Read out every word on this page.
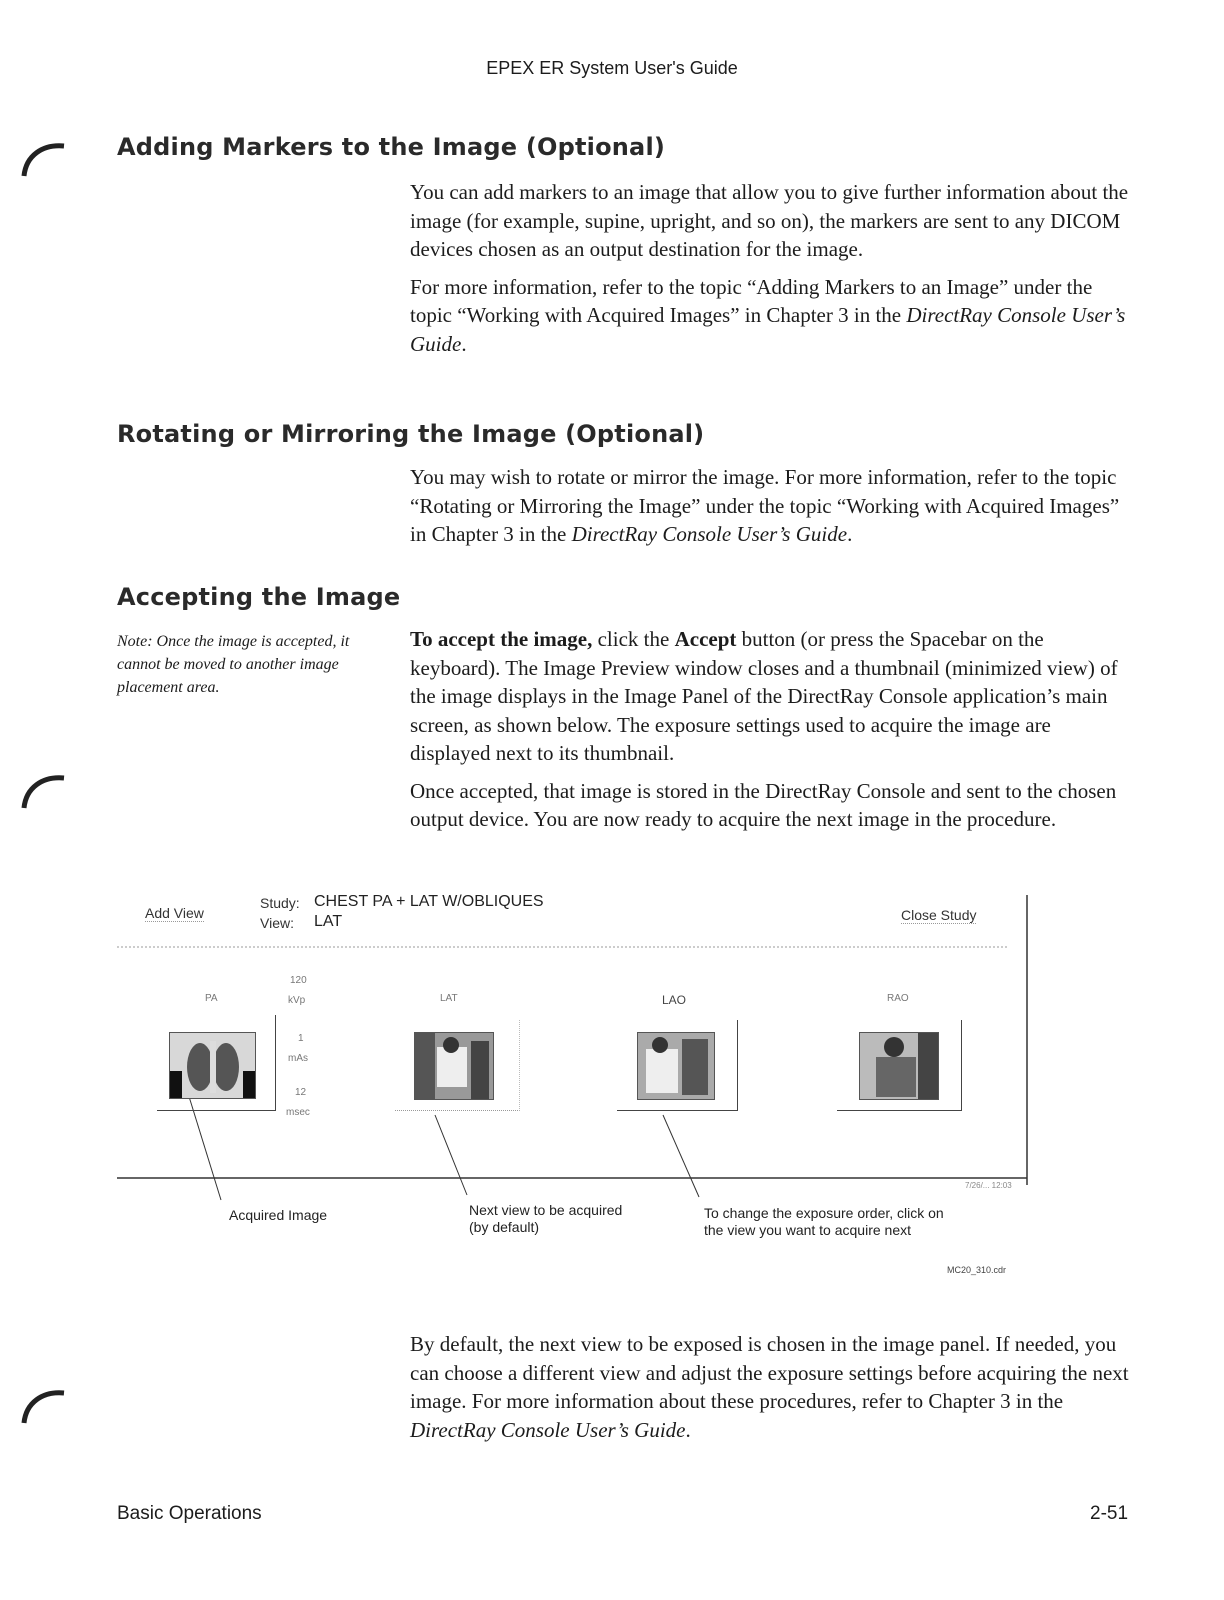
EPEX ER System User's Guide
Adding Markers to the Image (Optional)

You can add markers to an image that allow you to give further information about the image (for example, supine, upright, and so on), the markers are sent to any DICOM devices chosen as an output destination for the image.

For more information, refer to the topic “Adding Markers to an Image” under the topic “Working with Acquired Images” in Chapter 3 in the DirectRay Console User’s Guide.

Rotating or Mirroring the Image (Optional)

You may wish to rotate or mirror the image. For more information, refer to the topic “Rotating or Mirroring the Image” under the topic “Working with Acquired Images” in Chapter 3 in the DirectRay Console User’s Guide.

Accepting the Image
Note: Once the image is accepted, it cannot be moved to another image placement area.

To accept the image, click the Accept button (or press the Spacebar on the keyboard). The Image Preview window closes and a thumbnail (minimized view) of the image displays in the Image Panel of the DirectRay Console application’s main screen, as shown below. The exposure settings used to acquire the image are displayed next to its thumbnail.

Once accepted, that image is stored in the DirectRay Console and sent to the chosen output device. You are now ready to acquire the next image in the procedure.

Add View
Study: CHEST PA + LAT W/OBLIQUES
View: LAT	Close Study
PA
120
kVp
1
mAs
12
msec
LAT	LAO	RAO
7/26/... 12:03
Acquired Image	Next view to be acquired (by default)
To change the exposure order, click on the view you want to acquire next
MC20_310.cdr

By default, the next view to be exposed is chosen in the image panel. If needed, you can choose a different view and adjust the exposure settings before acquiring the next image. For more information about these procedures, refer to Chapter 3 in the DirectRay Console User’s Guide.

Basic Operations	2-51
